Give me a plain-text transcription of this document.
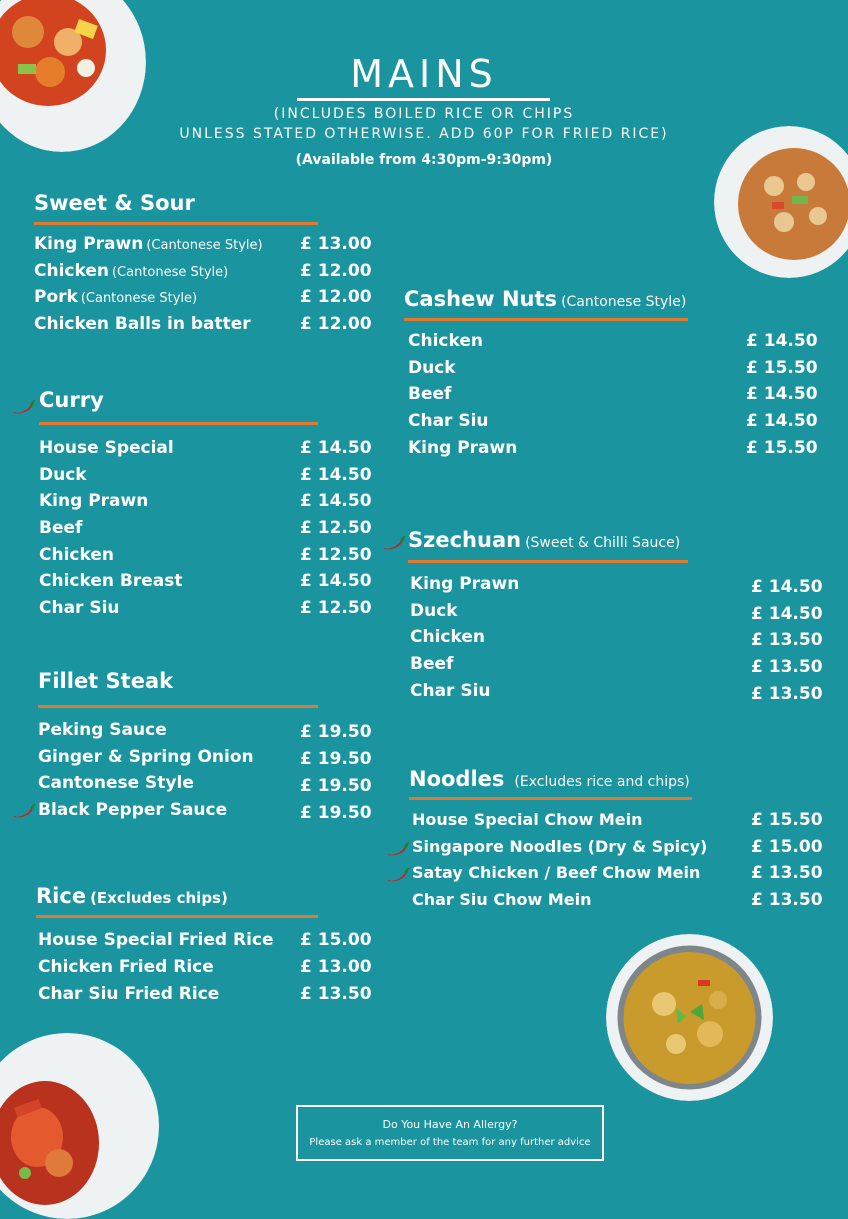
MAINS
(INCLUDES BOILED RICE OR CHIPS
UNLESS STATED OTHERWISE. ADD 60P FOR FRIED RICE)
(Available from 4:30pm-9:30pm)
Sweet & Sour
King Prawn (Cantonese Style) £ 13.00
Chicken (Cantonese Style)	£ 12.00
Pork (Cantonese Style)	£ 12.00
Chicken Balls in batter	£ 12.00
Curry
House Special	£ 14.50
Duck	£ 14.50
King Prawn	£ 14.50
Beef	£ 12.50
Chicken	£ 12.50
Chicken Breast	£ 14.50
Char Siu	£ 12.50
Fillet Steak
Peking Sauce	£ 19.50
Ginger & Spring Onion	£ 19.50
Cantonese Style	£ 19.50
Black Pepper Sauce	£ 19.50
Rice (Excludes chips)
House Special Fried Rice £ 15.00
Chicken Fried Rice	£ 13.00
Char Siu Fried Rice	£ 13.50
Cashew Nuts (Cantonese Style)
Chicken	£ 14.50
Duck	£ 15.50
Beef	£ 14.50
Char Siu	£ 14.50
King Prawn	£ 15.50
Szechuan (Sweet & Chilli Sauce)
King Prawn	£ 14.50
Duck	£ 14.50
Chicken	£ 13.50
Beef	£ 13.50
Char Siu	£ 13.50
Noodles (Excludes rice and chips)
House Special Chow Mein	£ 15.50
Singapore Noodles (Dry & Spicy)	£ 15.00
Satay Chicken / Beef Chow Mein	£ 13.50
Char Siu Chow Mein	£ 13.50
Do You Have An Allergy?
Please ask a member of the team for any further advice
